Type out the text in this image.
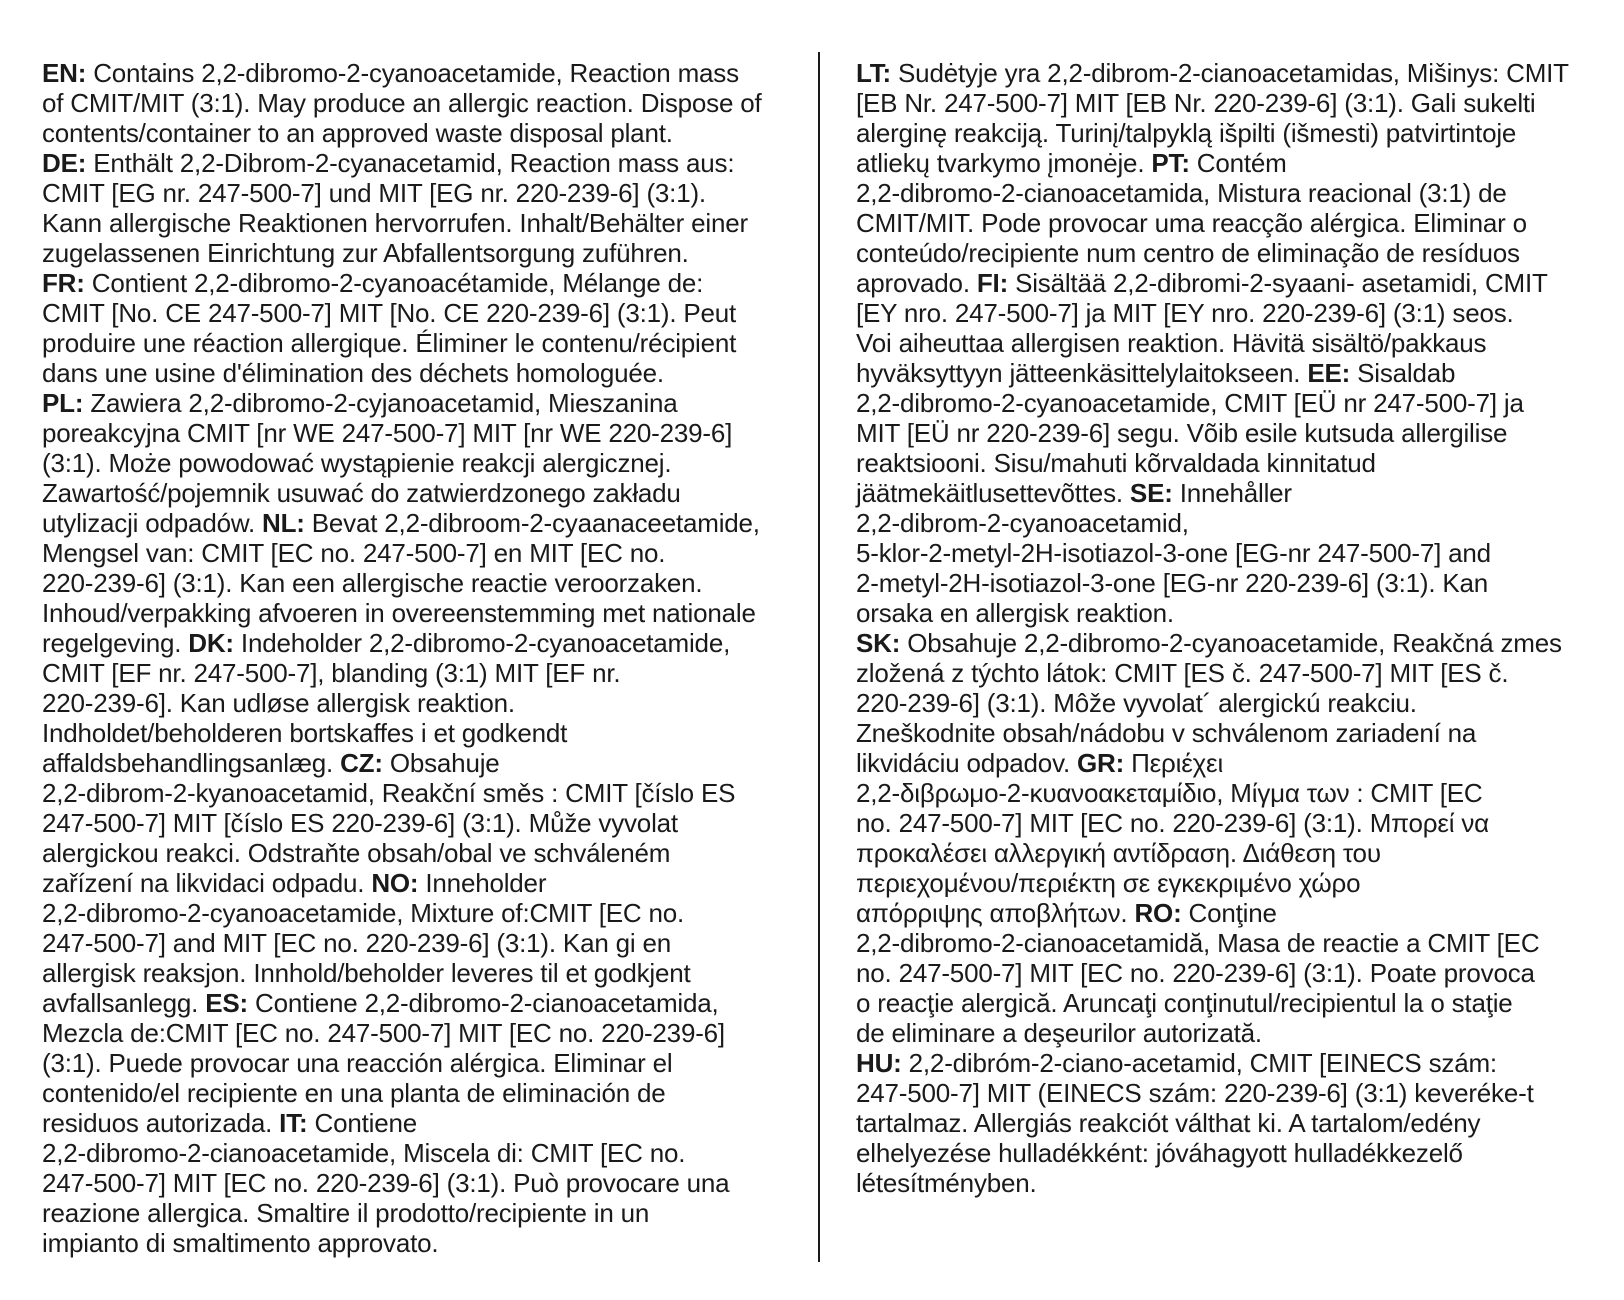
EN: Contains 2,2-dibromo-2-cyanoacetamide, Reaction mass
of CMIT/MIT (3:1). May produce an allergic reaction. Dispose of
contents/container to an approved waste disposal plant.
DE: Enthält 2,2-Dibrom-2-cyanacetamid, Reaction mass aus:
CMIT [EG nr. 247-500-7] und MIT [EG nr. 220-239-6] (3:1).
Kann allergische Reaktionen hervorrufen. Inhalt/Behälter einer
zugelassenen Einrichtung zur Abfallentsorgung zuführen.
FR: Contient 2,2-dibromo-2-cyanoacétamide, Mélange de:
CMIT [No. CE 247-500-7] MIT [No. CE 220-239-6] (3:1). Peut
produire une réaction allergique. Éliminer le contenu/récipient
dans une usine d'élimination des déchets homologuée.
PL: Zawiera 2,2-dibromo-2-cyjanoacetamid, Mieszanina
poreakcyjna CMIT [nr WE 247-500-7] MIT [nr WE 220-239-6]
(3:1). Może powodować wystąpienie reakcji alergicznej.
Zawartość/pojemnik usuwać do zatwierdzonego zakładu
utylizacji odpadów. NL: Bevat 2,2-dibroom-2-cyaanaceetamide,
Mengsel van: CMIT [EC no. 247-500-7] en MIT [EC no.
220-239-6] (3:1). Kan een allergische reactie veroorzaken.
Inhoud/verpakking afvoeren in overeenstemming met nationale
regelgeving. DK: Indeholder 2,2-dibromo-2-cyanoacetamide,
CMIT [EF nr. 247-500-7], blanding (3:1) MIT [EF nr.
220-239-6]. Kan udløse allergisk reaktion.
Indholdet/beholderen bortskaffes i et godkendt
affaldsbehandlingsanlæg. CZ: Obsahuje
2,2-dibrom-2-kyanoacetamid, Reakční směs : CMIT [číslo ES
247-500-7] MIT [číslo ES 220-239-6] (3:1). Může vyvolat
alergickou reakci. Odstraňte obsah/obal ve schváleném
zařízení na likvidaci odpadu. NO: Inneholder
2,2-dibromo-2-cyanoacetamide, Mixture of:CMIT [EC no.
247-500-7] and MIT [EC no. 220-239-6] (3:1). Kan gi en
allergisk reaksjon. Innhold/beholder leveres til et godkjent
avfallsanlegg. ES: Contiene 2,2-dibromo-2-cianoacetamida,
Mezcla de:CMIT [EC no. 247-500-7] MIT [EC no. 220-239-6]
(3:1). Puede provocar una reacción alérgica. Eliminar el
contenido/el recipiente en una planta de eliminación de
residuos autorizada. IT: Contiene
2,2-dibromo-2-cianoacetamide, Miscela di: CMIT [EC no.
247-500-7] MIT [EC no. 220-239-6] (3:1). Può provocare una
reazione allergica. Smaltire il prodotto/recipiente in un
impianto di smaltimento approvato.
LT: Sudėtyje yra 2,2-dibrom-2-cianoacetamidas, Mišinys: CMIT
[EB Nr. 247-500-7] MIT [EB Nr. 220-239-6] (3:1). Gali sukelti
alerginę reakciją. Turinį/talpyklą išpilti (išmesti) patvirtintoje
atliekų tvarkymo įmonėje. PT: Contém
2,2-dibromo-2-cianoacetamida, Mistura reacional (3:1) de
CMIT/MIT. Pode provocar uma reacção alérgica. Eliminar o
conteúdo/recipiente num centro de eliminação de resíduos
aprovado. FI: Sisältää 2,2-dibromi-2-syaani- asetamidi, CMIT
[EY nro. 247-500-7] ja MIT [EY nro. 220-239-6] (3:1) seos.
Voi aiheuttaa allergisen reaktion. Hävitä sisältö/pakkaus
hyväksyttyyn jätteenkäsittelylaitokseen. EE: Sisaldab
2,2-dibromo-2-cyanoacetamide, CMIT [EÜ nr 247-500-7] ja
MIT [EÜ nr 220-239-6] segu. Võib esile kutsuda allergilise
reaktsiooni. Sisu/mahuti kõrvaldada kinnitatud
jäätmekäitlusettevõttes. SE: Innehåller
2,2-dibrom-2-cyanoacetamid,
5-klor-2-metyl-2H-isotiazol-3-one [EG-nr 247-500-7] and
2-metyl-2H-isotiazol-3-one [EG-nr 220-239-6] (3:1). Kan
orsaka en allergisk reaktion.
SK: Obsahuje 2,2-dibromo-2-cyanoacetamide, Reakčná zmes
zložená z týchto látok: CMIT [ES č. 247-500-7] MIT [ES č.
220-239-6] (3:1). Môže vyvolat´ alergickú reakciu.
Zneškodnite obsah/nádobu v schválenom zariadení na
likvidáciu odpadov. GR: Περιέχει
2,2-διβρωμο-2-κυανοακεταμίδιο, Μίγμα των : CMIT [EC
no. 247-500-7] MIT [EC no. 220-239-6] (3:1). Μπορεί να
προκαλέσει αλλεργική αντίδραση. Διάθεση του
περιεχομένου/περιέκτη σε εγκεκριμένο χώρο
απόρριψης αποβλήτων. RO: Conţine
2,2-dibromo-2-cianoacetamidă, Masa de reactie a CMIT [EC
no. 247-500-7] MIT [EC no. 220-239-6] (3:1). Poate provoca
o reacţie alergică. Aruncaţi conţinutul/recipientul la o staţie
de eliminare a deşeurilor autorizată.
HU: 2,2-dibróm-2-ciano-acetamid, CMIT [EINECS szám:
247-500-7] MIT (EINECS szám: 220-239-6] (3:1) keveréke-t
tartalmaz. Allergiás reakciót válthat ki. A tartalom/edény
elhelyezése hulladékként: jóváhagyott hulladékkezelő
létesítményben.
